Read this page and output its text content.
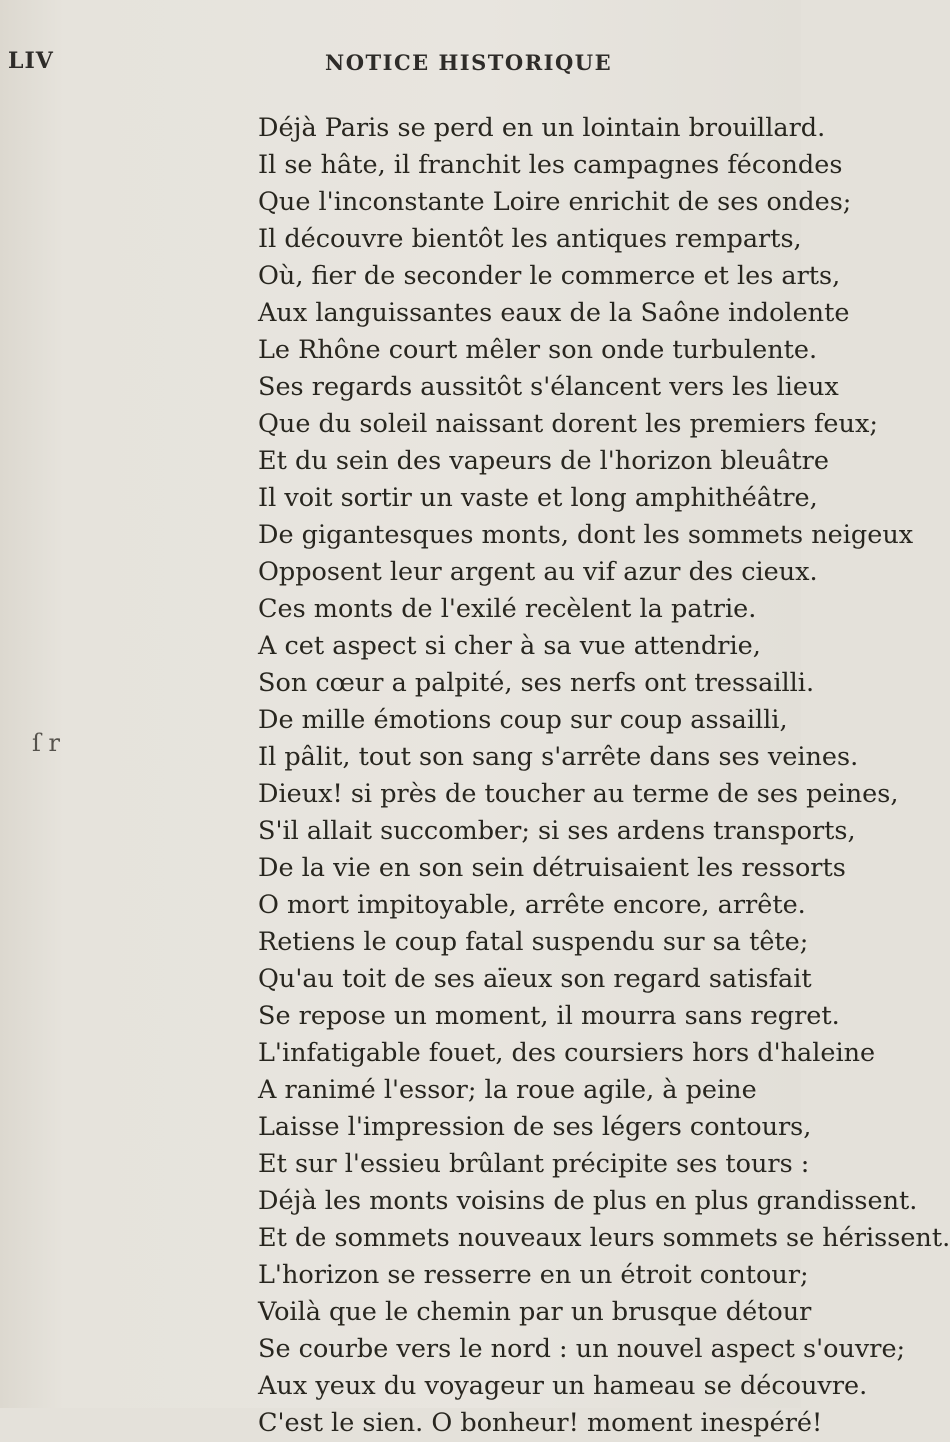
LIV	NOTICE HISTORIQUE
ſ r
Déjà Paris se perd en un lointain brouillard.
Il se hâte, il franchit les campagnes fécondes
Que l'inconstante Loire enrichit de ses ondes;
Il découvre bientôt les antiques remparts,
Où, fier de seconder le commerce et les arts,
Aux languissantes eaux de la Saône indolente
Le Rhône court mêler son onde turbulente.
Ses regards aussitôt s'élancent vers les lieux
Que du soleil naissant dorent les premiers feux;
Et du sein des vapeurs de l'horizon bleuâtre
Il voit sortir un vaste et long amphithéâtre,
De gigantesques monts, dont les sommets neigeux
Opposent leur argent au vif azur des cieux.
Ces monts de l'exilé recèlent la patrie.
A cet aspect si cher à sa vue attendrie,
Son cœur a palpité, ses nerfs ont tressailli.
De mille émotions coup sur coup assailli,
Il pâlit, tout son sang s'arrête dans ses veines.
Dieux! si près de toucher au terme de ses peines,
S'il allait succomber; si ses ardens transports,
De la vie en son sein détruisaient les ressorts
O mort impitoyable, arrête encore, arrête.
Retiens le coup fatal suspendu sur sa tête;
Qu'au toit de ses aïeux son regard satisfait
Se repose un moment, il mourra sans regret.
L'infatigable fouet, des coursiers hors d'haleine
A ranimé l'essor; la roue agile, à peine
Laisse l'impression de ses légers contours,
Et sur l'essieu brûlant précipite ses tours :
Déjà les monts voisins de plus en plus grandissent.
Et de sommets nouveaux leurs sommets se hérissent.
L'horizon se resserre en un étroit contour;
Voilà que le chemin par un brusque détour
Se courbe vers le nord : un nouvel aspect s'ouvre;
Aux yeux du voyageur un hameau se découvre.
C'est le sien. O bonheur! moment inespéré!
